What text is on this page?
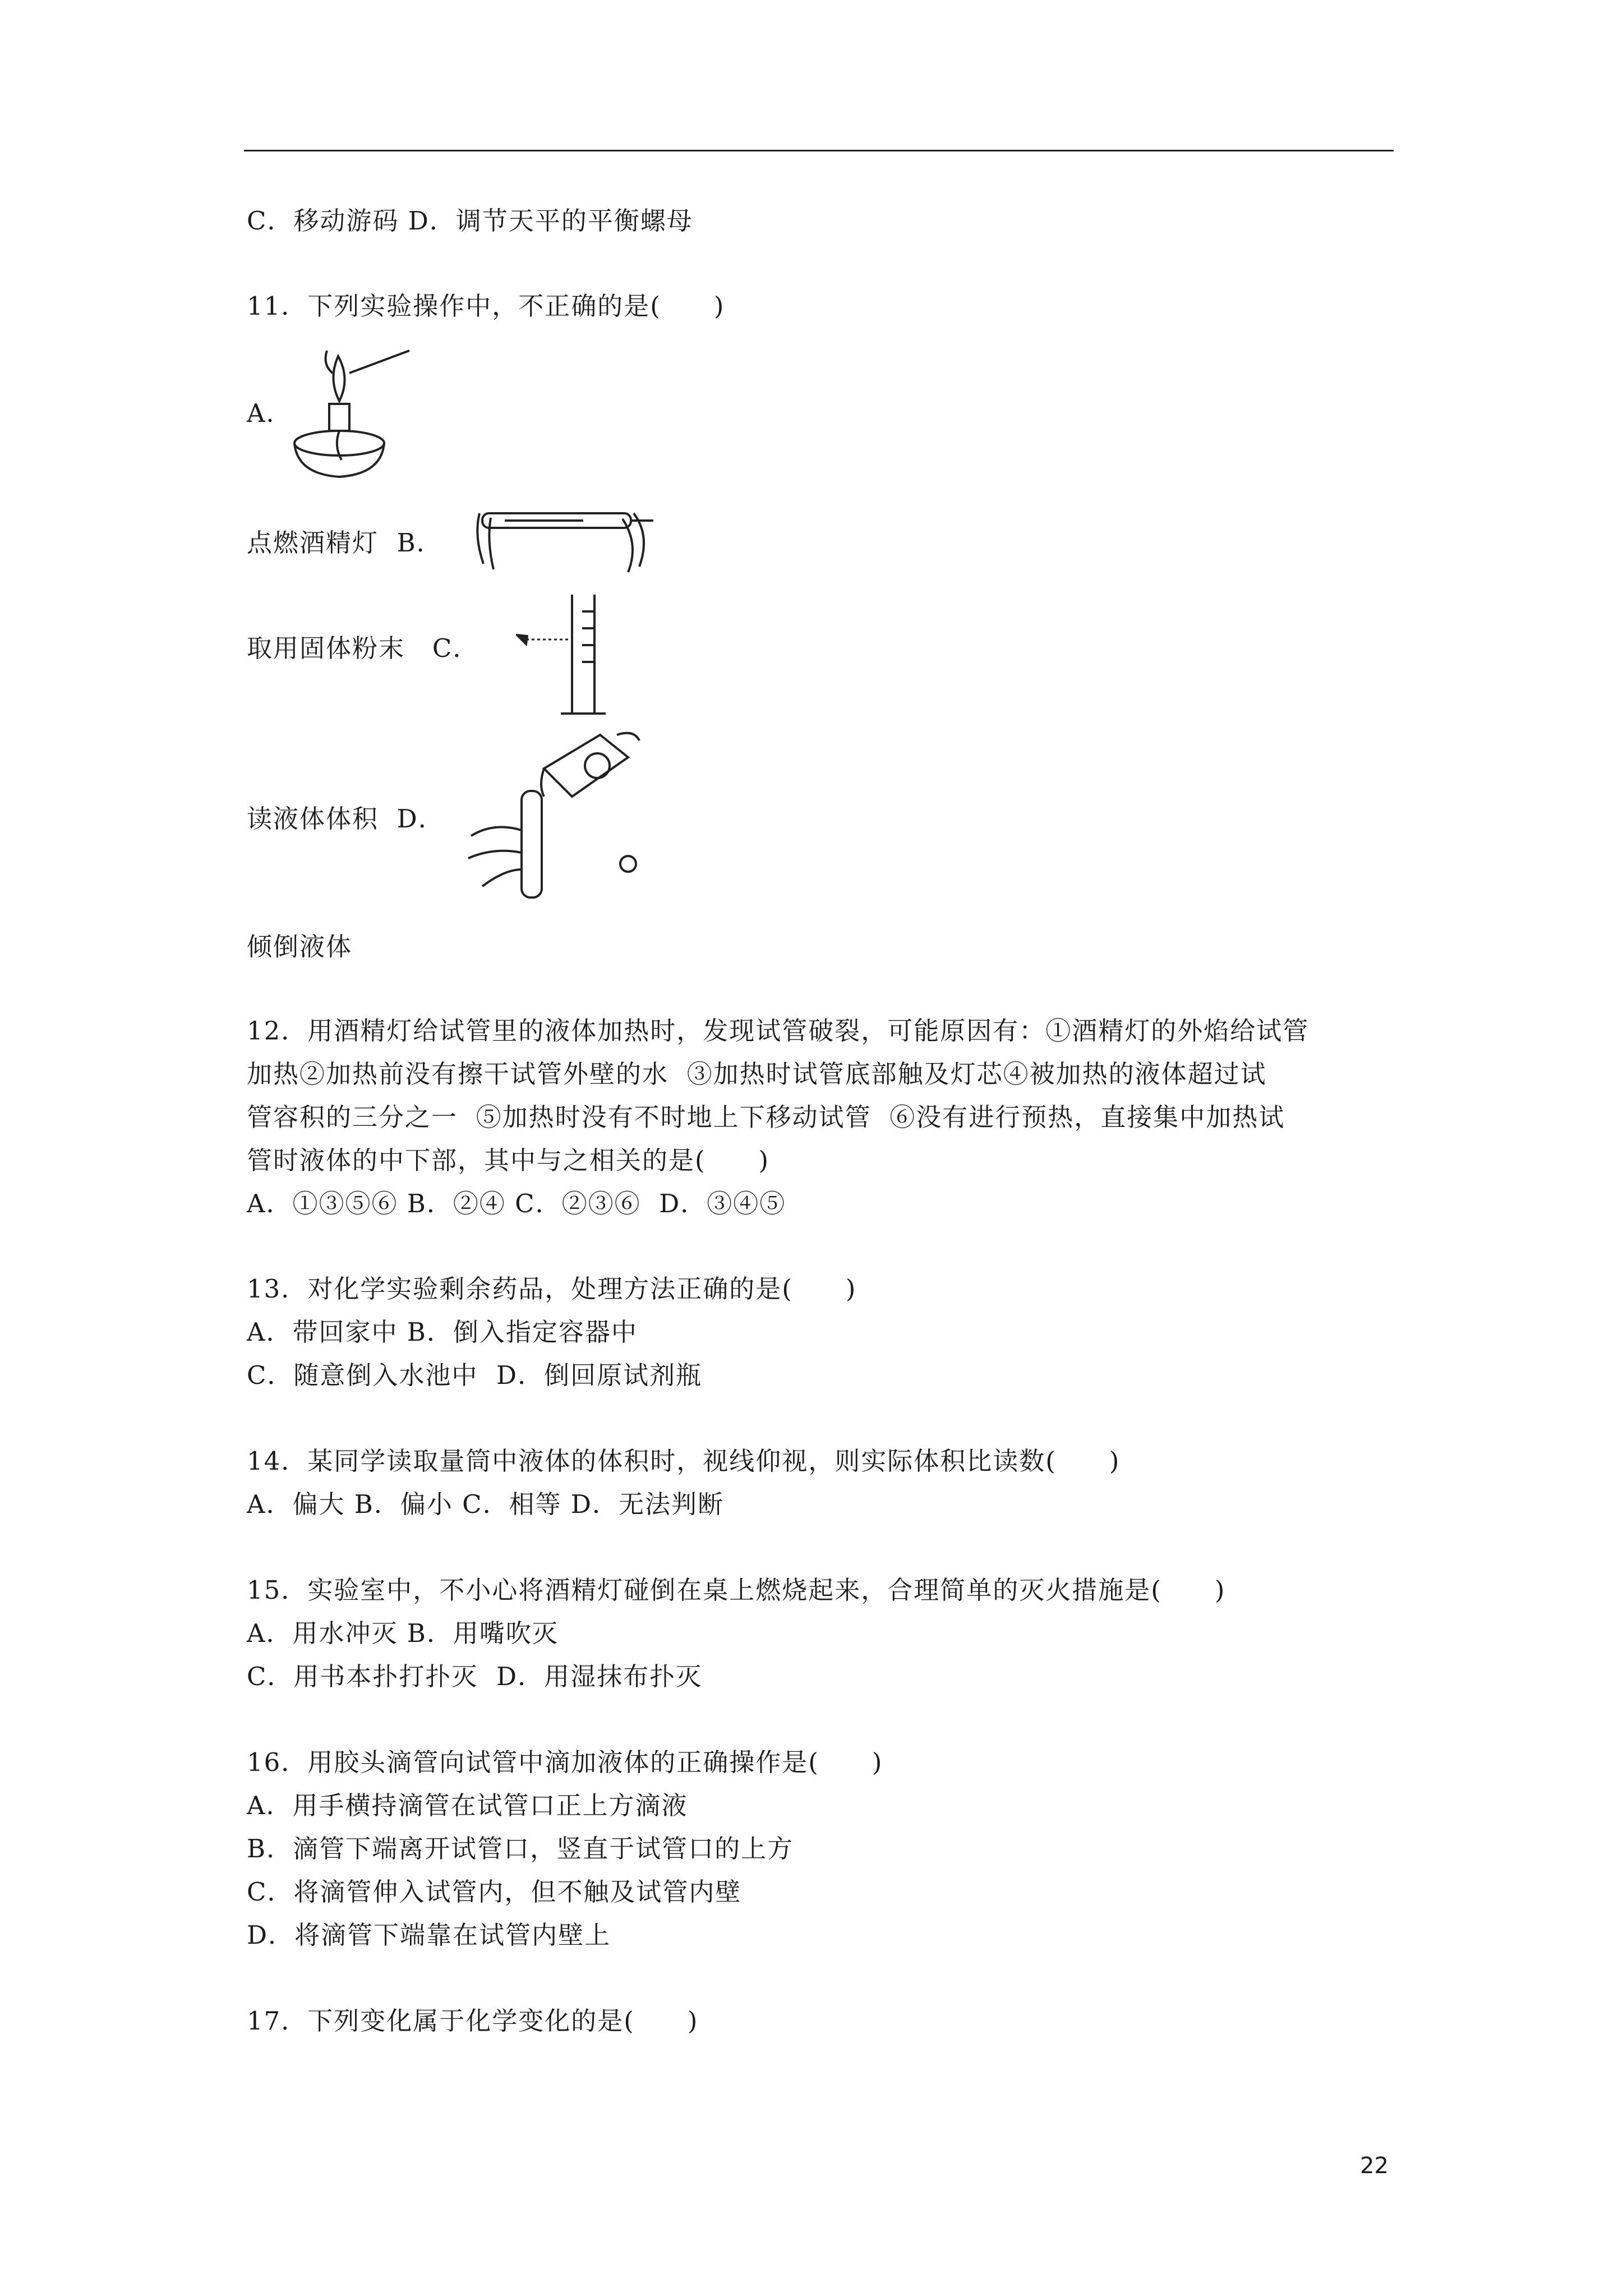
C．移动游码 D．调节天平的平衡螺母
11．下列实验操作中，不正确的是(　　)
A．
点燃酒精灯  B．
取用固体粉末   C．
读液体体积  D．
倾倒液体
12．用酒精灯给试管里的液体加热时，发现试管破裂，可能原因有：①酒精灯的外焰给试管
加热②加热前没有擦干试管外壁的水  ③加热时试管底部触及灯芯④被加热的液体超过试
管容积的三分之一  ⑤加热时没有不时地上下移动试管  ⑥没有进行预热，直接集中加热试
管时液体的中下部，其中与之相关的是(　　)
A．①③⑤⑥ B．②④ C．②③⑥  D．③④⑤
13．对化学实验剩余药品，处理方法正确的是(　　)
A．带回家中 B．倒入指定容器中
C．随意倒入水池中  D．倒回原试剂瓶
14．某同学读取量筒中液体的体积时，视线仰视，则实际体积比读数(　　)
A．偏大 B．偏小 C．相等 D．无法判断
15．实验室中，不小心将酒精灯碰倒在桌上燃烧起来，合理简单的灭火措施是(　　)
A．用水冲灭 B．用嘴吹灭
C．用书本扑打扑灭  D．用湿抹布扑灭
16．用胶头滴管向试管中滴加液体的正确操作是(　　)
A．用手横持滴管在试管口正上方滴液
B．滴管下端离开试管口，竖直于试管口的上方
C．将滴管伸入试管内，但不触及试管内壁
D．将滴管下端靠在试管内壁上
17．下列变化属于化学变化的是(　　)
22
